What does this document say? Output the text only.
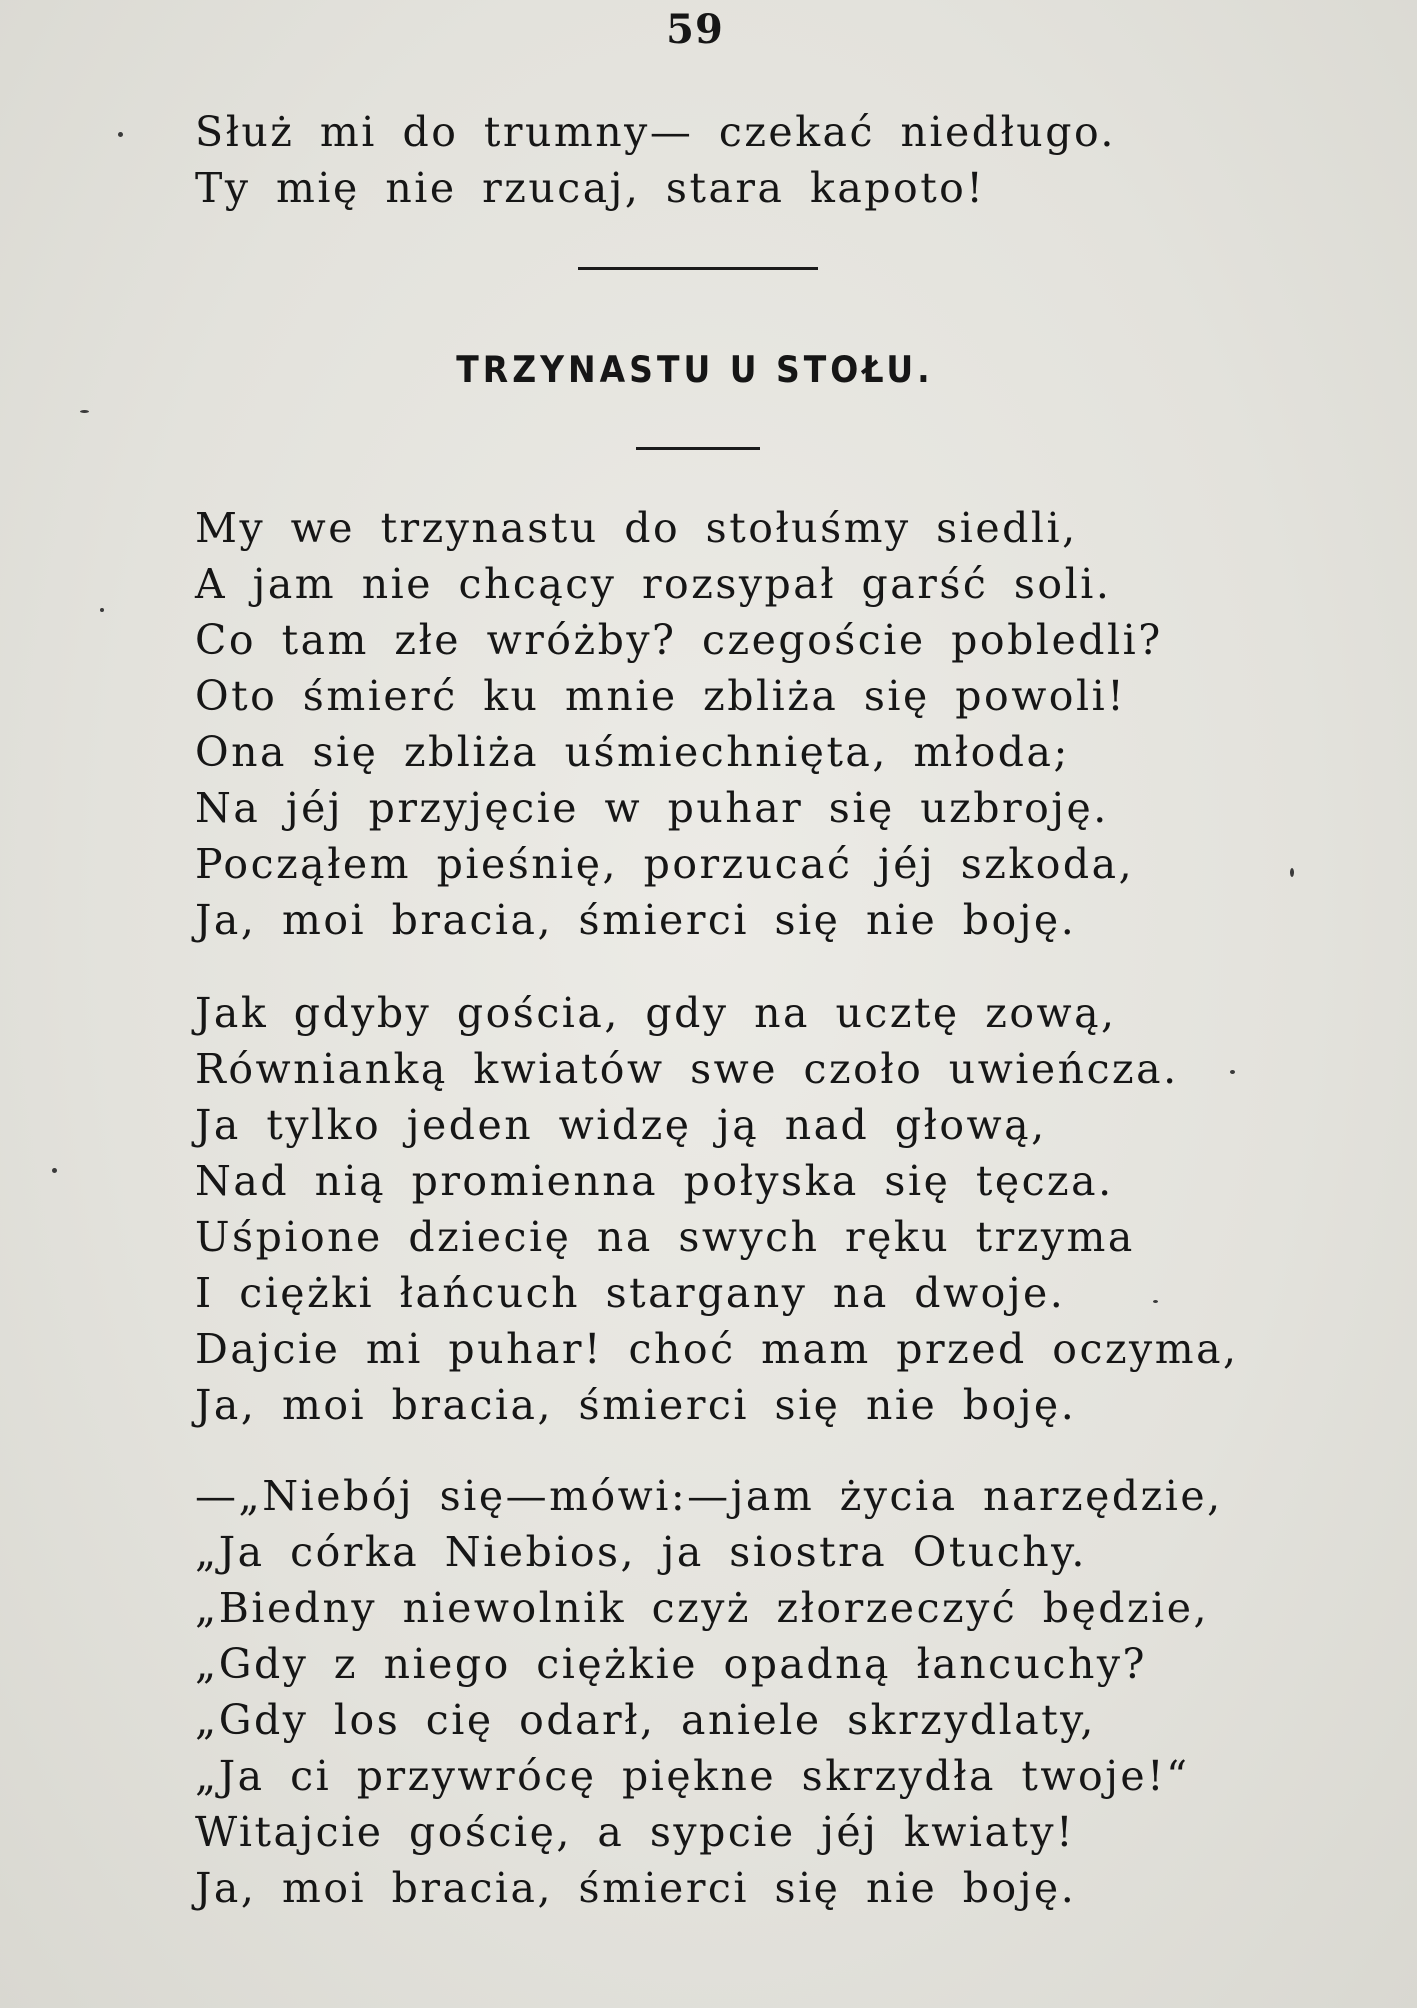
59
Służ mi do trumny— czekać niedługo.
Ty mię nie rzucaj, stara kapoto!
TRZYNASTU U STOŁU.
My we trzynastu do stołuśmy siedli,
A jam nie chcący rozsypał garść soli.
Co tam złe wróżby? czegoście pobledli?
Oto śmierć ku mnie zbliża się powoli!
Ona się zbliża uśmiechnięta, młoda;
Na jéj przyjęcie w puhar się uzbroję.
Począłem pieśnię, porzucać jéj szkoda,
Ja, moi bracia, śmierci się nie boję.
Jak gdyby gościa, gdy na ucztę zową,
Równianką kwiatów swe czoło uwieńcza.
Ja tylko jeden widzę ją nad głową,
Nad nią promienna połyska się tęcza.
Uśpione dziecię na swych ręku trzyma
I ciężki łańcuch stargany na dwoje.
Dajcie mi puhar! choć mam przed oczyma,
Ja, moi bracia, śmierci się nie boję.
—„Niebój się—mówi:—jam życia narzędzie,
„Ja córka Niebios, ja siostra Otuchy.
„Biedny niewolnik czyż złorzeczyć będzie,
„Gdy z niego ciężkie opadną łancuchy?
„Gdy los cię odarł, aniele skrzydlaty,
„Ja ci przywrócę piękne skrzydła twoje!“
Witajcie gościę, a sypcie jéj kwiaty!
Ja, moi bracia, śmierci się nie boję.
